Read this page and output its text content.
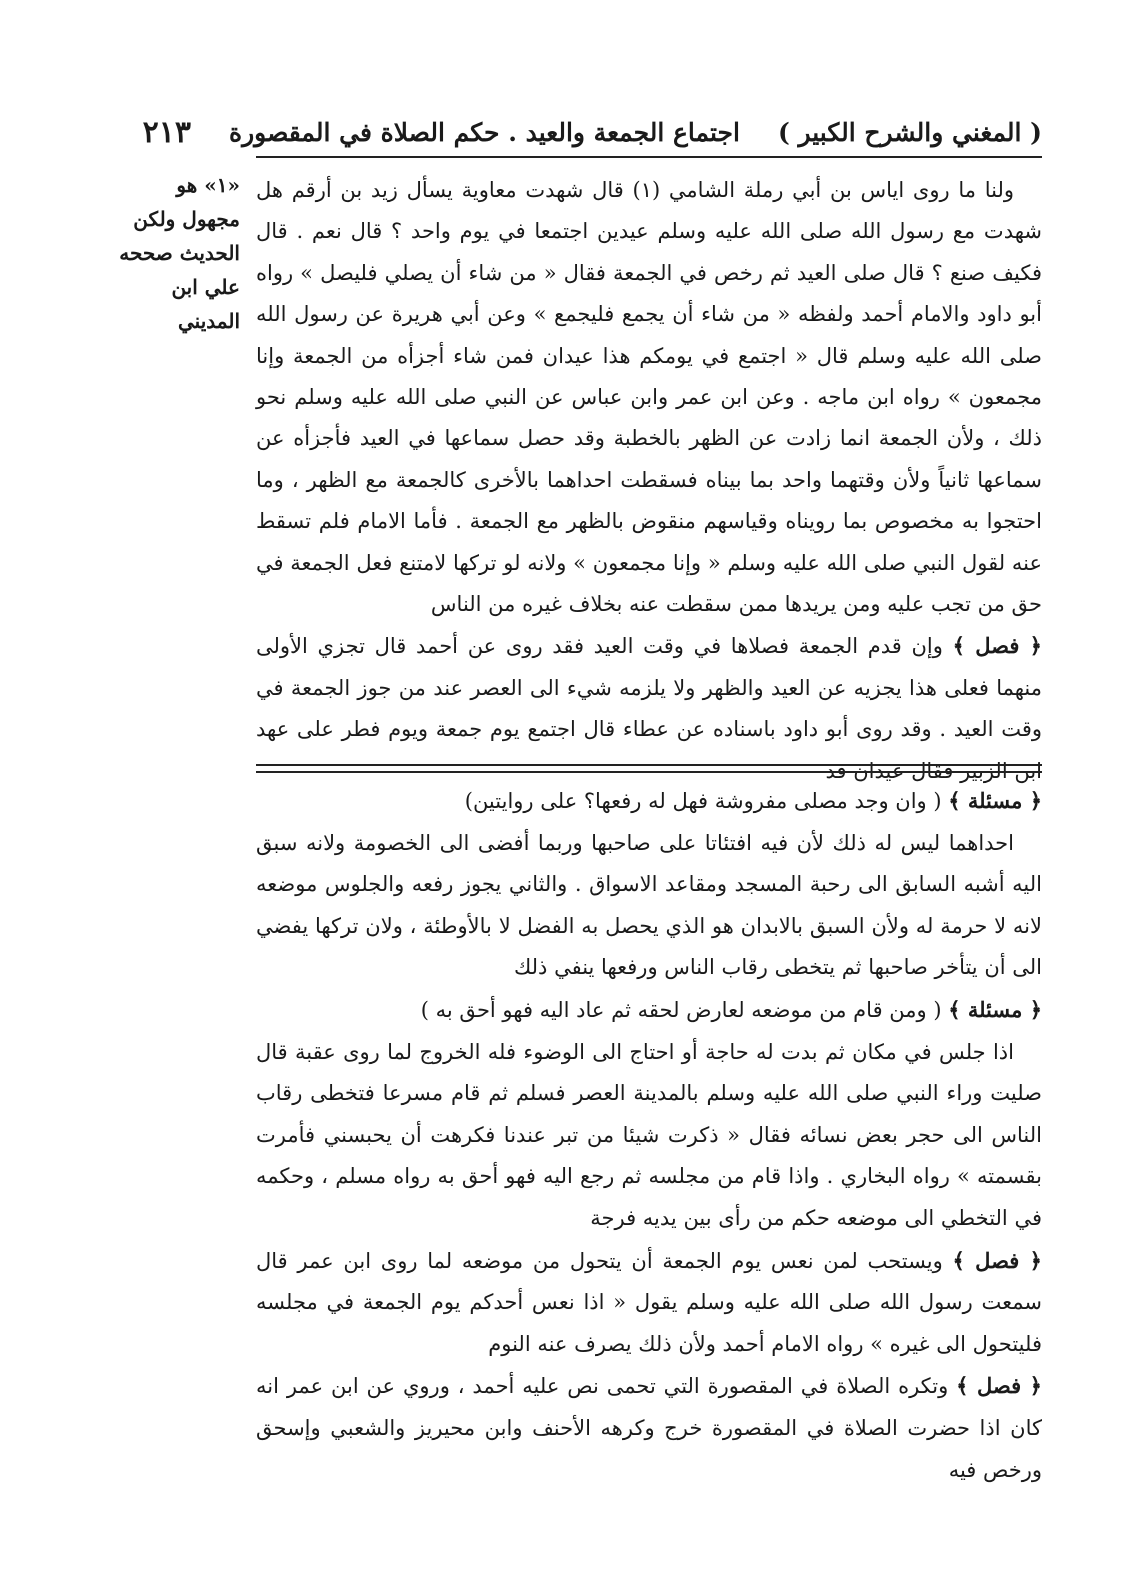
( المغني والشرح الكبير )
اجتماع الجمعة والعيد . حكم الصلاة في المقصورة
٢١٣
«١» هو مجهول ولكن الحديث صححه علي ابن المديني

ولنا ما روى اياس بن أبي رملة الشامي (١) قال شهدت معاوية يسأل زيد بن أرقم هل شهدت مع رسول الله صلى الله عليه وسلم عيدين اجتمعا في يوم واحد ؟ قال نعم . قال فكيف صنع ؟ قال صلى العيد ثم رخص في الجمعة فقال « من شاء أن يصلي فليصل » رواه أبو داود والامام أحمد ولفظه « من شاء أن يجمع فليجمع » وعن أبي هريرة عن رسول الله صلى الله عليه وسلم قال « اجتمع في يومكم هذا عيدان فمن شاء أجزأه من الجمعة وإنا مجمعون » رواه ابن ماجه . وعن ابن عمر وابن عباس عن النبي صلى الله عليه وسلم نحو ذلك ، ولأن الجمعة انما زادت عن الظهر بالخطبة وقد حصل سماعها في العيد فأجزأه عن سماعها ثانياً ولأن وقتهما واحد بما بيناه فسقطت احداهما بالأخرى كالجمعة مع الظهر ، وما احتجوا به مخصوص بما رويناه وقياسهم منقوض بالظهر مع الجمعة . فأما الامام فلم تسقط عنه لقول النبي صلى الله عليه وسلم « وإنا مجمعون » ولانه لو تركها لامتنع فعل الجمعة في حق من تجب عليه ومن يريدها ممن سقطت عنه بخلاف غيره من الناس

﴿ فصل ﴾ وإن قدم الجمعة فصلاها في وقت العيد فقد روى عن أحمد قال تجزي الأولى منهما فعلى هذا يجزيه عن العيد والظهر ولا يلزمه شيء الى العصر عند من جوز الجمعة في وقت العيد . وقد روى أبو داود باسناده عن عطاء قال اجتمع يوم جمعة ويوم فطر على عهد ابن الزبير فقال عيدان قد

﴿ مسئلة ﴾ ( وان وجد مصلى مفروشة فهل له رفعها؟ على روايتين)

احداهما ليس له ذلك لأن فيه افتئاتا على صاحبها وربما أفضى الى الخصومة ولانه سبق اليه أشبه السابق الى رحبة المسجد ومقاعد الاسواق . والثاني يجوز رفعه والجلوس موضعه لانه لا حرمة له ولأن السبق بالابدان هو الذي يحصل به الفضل لا بالأوطئة ، ولان تركها يفضي الى أن يتأخر صاحبها ثم يتخطى رقاب الناس ورفعها ينفي ذلك

﴿ مسئلة ﴾ ( ومن قام من موضعه لعارض لحقه ثم عاد اليه فهو أحق به )

اذا جلس في مكان ثم بدت له حاجة أو احتاج الى الوضوء فله الخروج لما روى عقبة قال صليت وراء النبي صلى الله عليه وسلم بالمدينة العصر فسلم ثم قام مسرعا فتخطى رقاب الناس الى حجر بعض نسائه فقال « ذكرت شيئا من تبر عندنا فكرهت أن يحبسني فأمرت بقسمته » رواه البخاري . واذا قام من مجلسه ثم رجع اليه فهو أحق به رواه مسلم ، وحكمه في التخطي الى موضعه حكم من رأى بين يديه فرجة

﴿ فصل ﴾ ويستحب لمن نعس يوم الجمعة أن يتحول من موضعه لما روى ابن عمر قال سمعت رسول الله صلى الله عليه وسلم يقول « اذا نعس أحدكم يوم الجمعة في مجلسه فليتحول الى غيره » رواه الامام أحمد ولأن ذلك يصرف عنه النوم

﴿ فصل ﴾ وتكره الصلاة في المقصورة التي تحمى نص عليه أحمد ، وروي عن ابن عمر انه كان اذا حضرت الصلاة في المقصورة خرج وكرهه الأحنف وابن محيريز والشعبي وإسحق ورخص فيه
